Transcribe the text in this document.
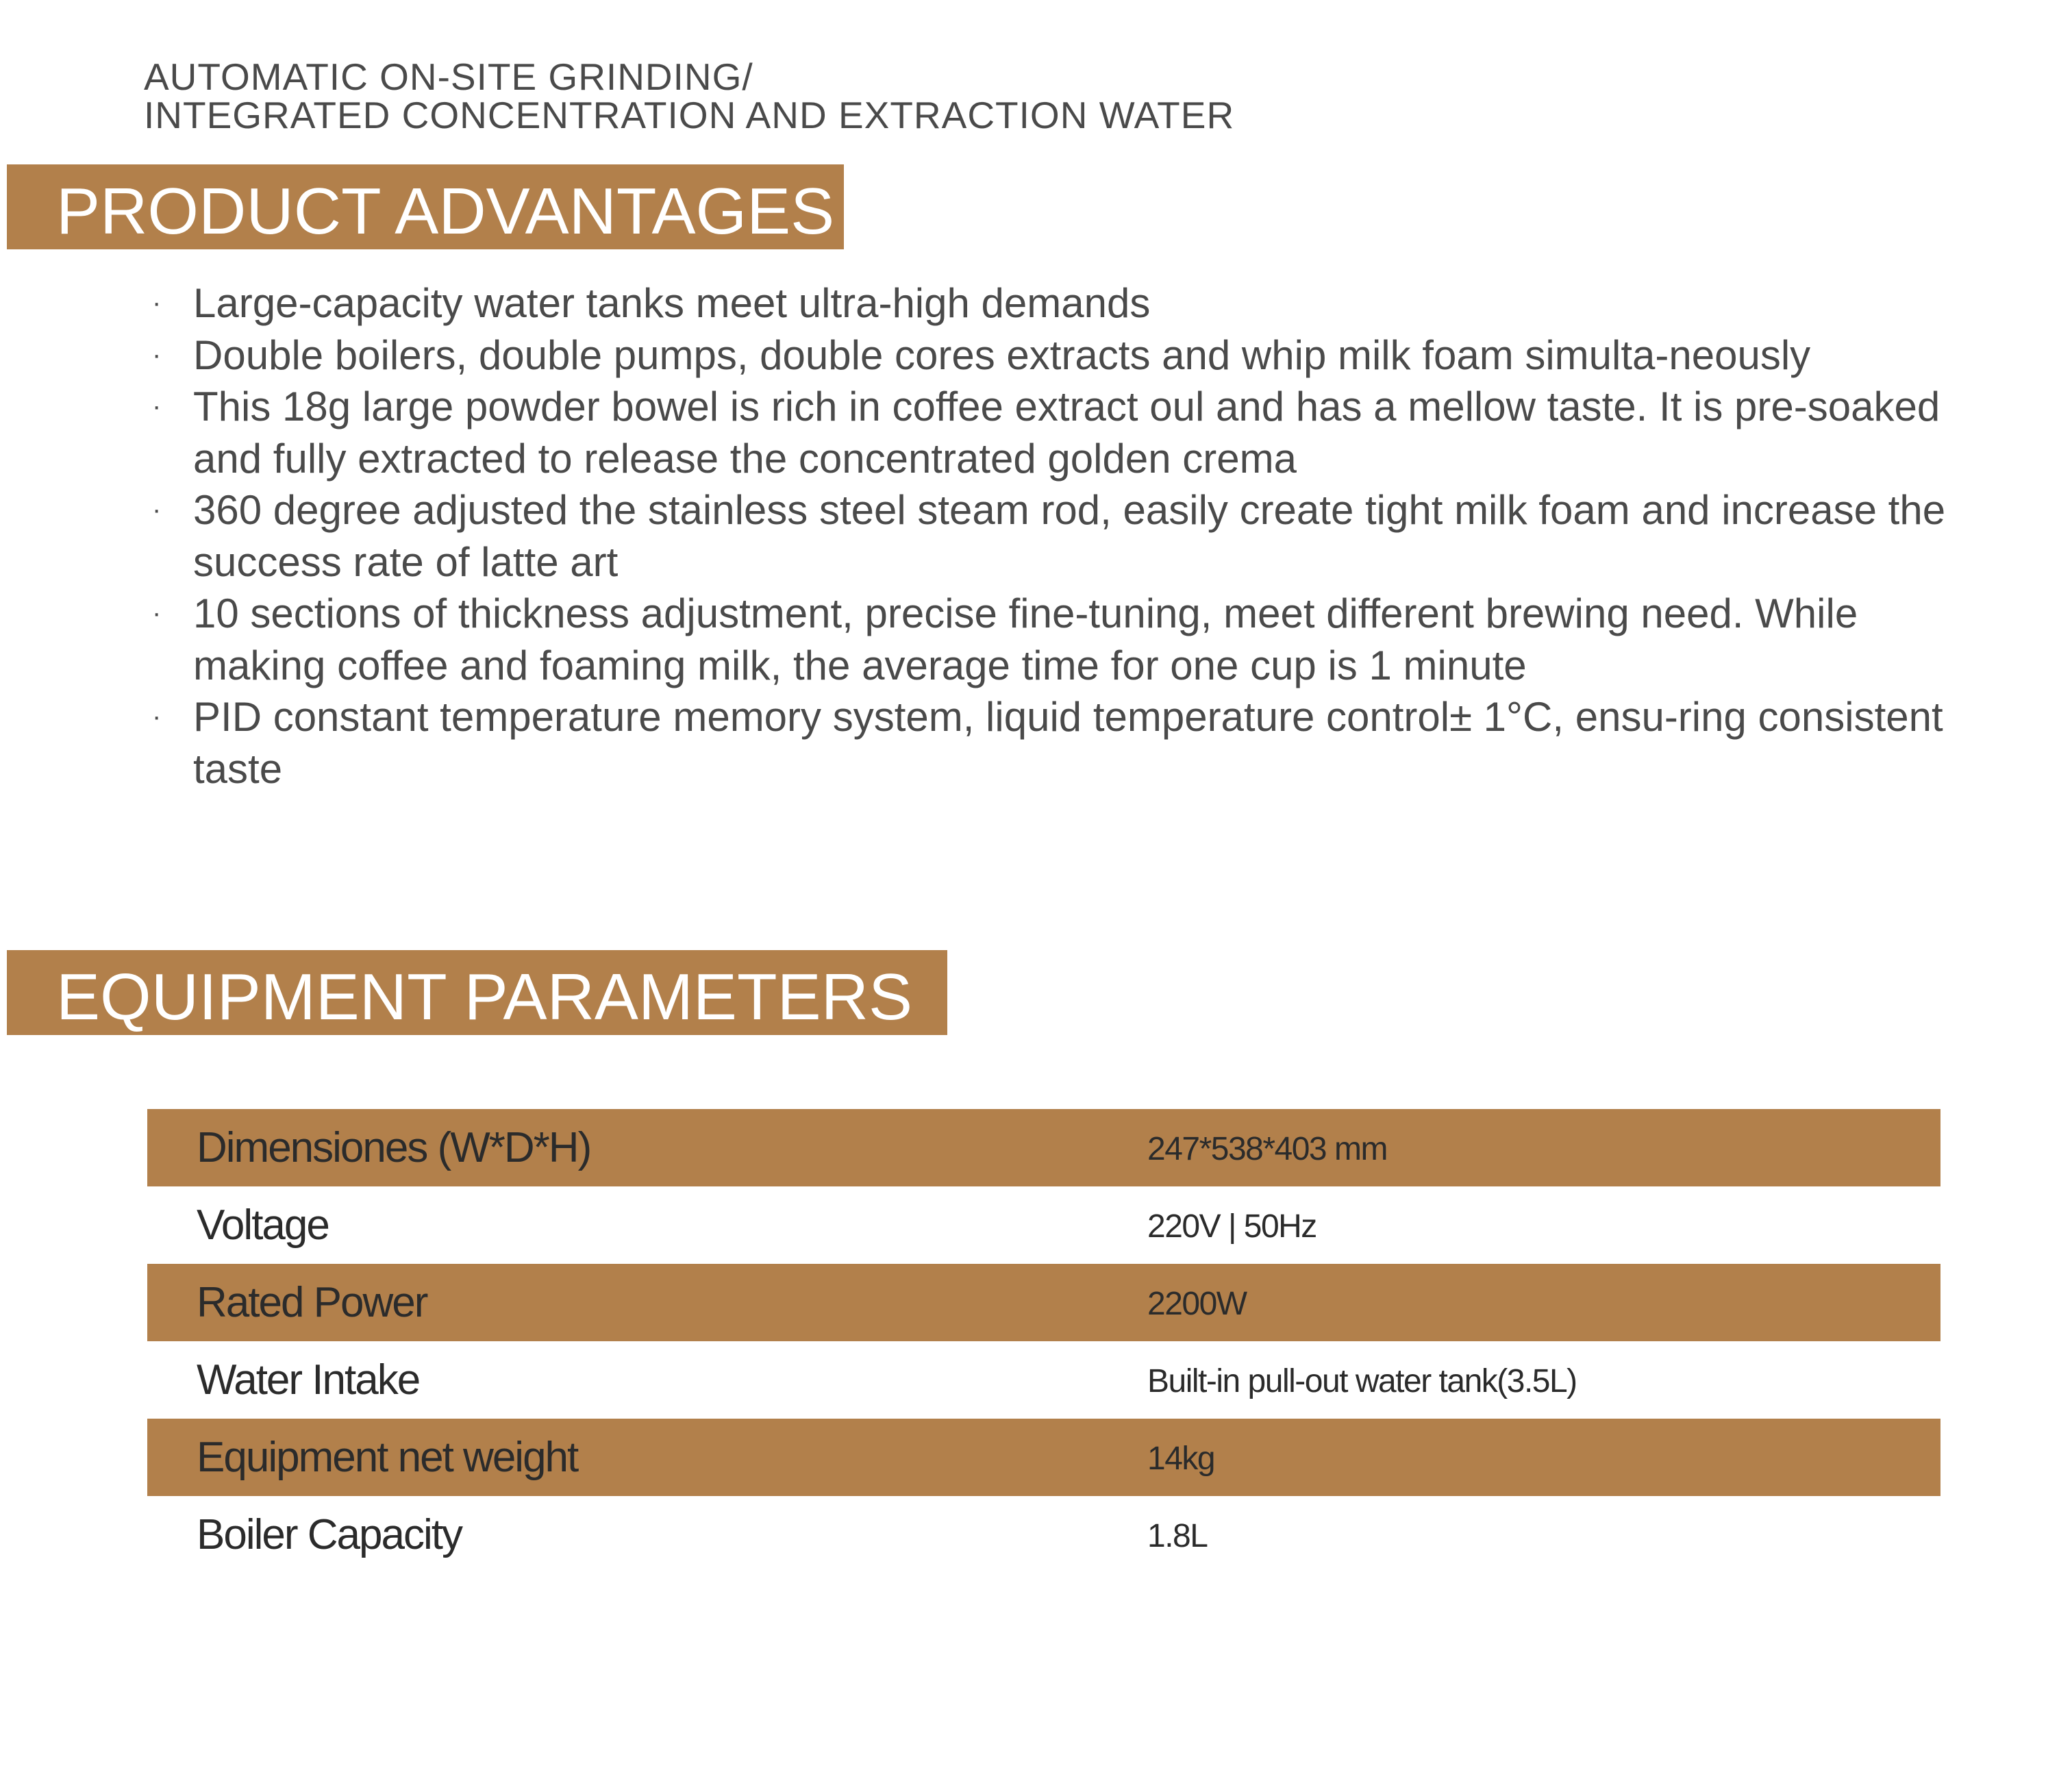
AUTOMATIC ON-SITE GRINDING/
INTEGRATED CONCENTRATION AND EXTRACTION WATER
PRODUCT ADVANTAGES
· Large-capacity water tanks meet ultra-high demands
· Double boilers, double pumps, double cores extracts and whip milk foam simulta-neously
· This 18g large powder bowel is rich in coffee extract oul and has a mellow taste. It is pre-soaked and fully extracted to release the concentrated golden crema
· 360 degree adjusted the stainless steel steam rod, easily create tight milk foam and increase the success rate of latte art
· 10 sections of thickness adjustment, precise fine-tuning, meet different brewing need. While making coffee and foaming milk, the average time for one cup is 1 minute
· PID constant temperature memory system, liquid temperature control± 1°C, ensu-ring consistent taste
EQUIPMENT PARAMETERS
Dimensiones (W*D*H)	247*538*403 mm
Voltage	220V | 50Hz
Rated Power	2200W
Water Intake	Built-in pull-out water tank(3.5L)
Equipment net weight	14kg
Boiler Capacity	1.8L
